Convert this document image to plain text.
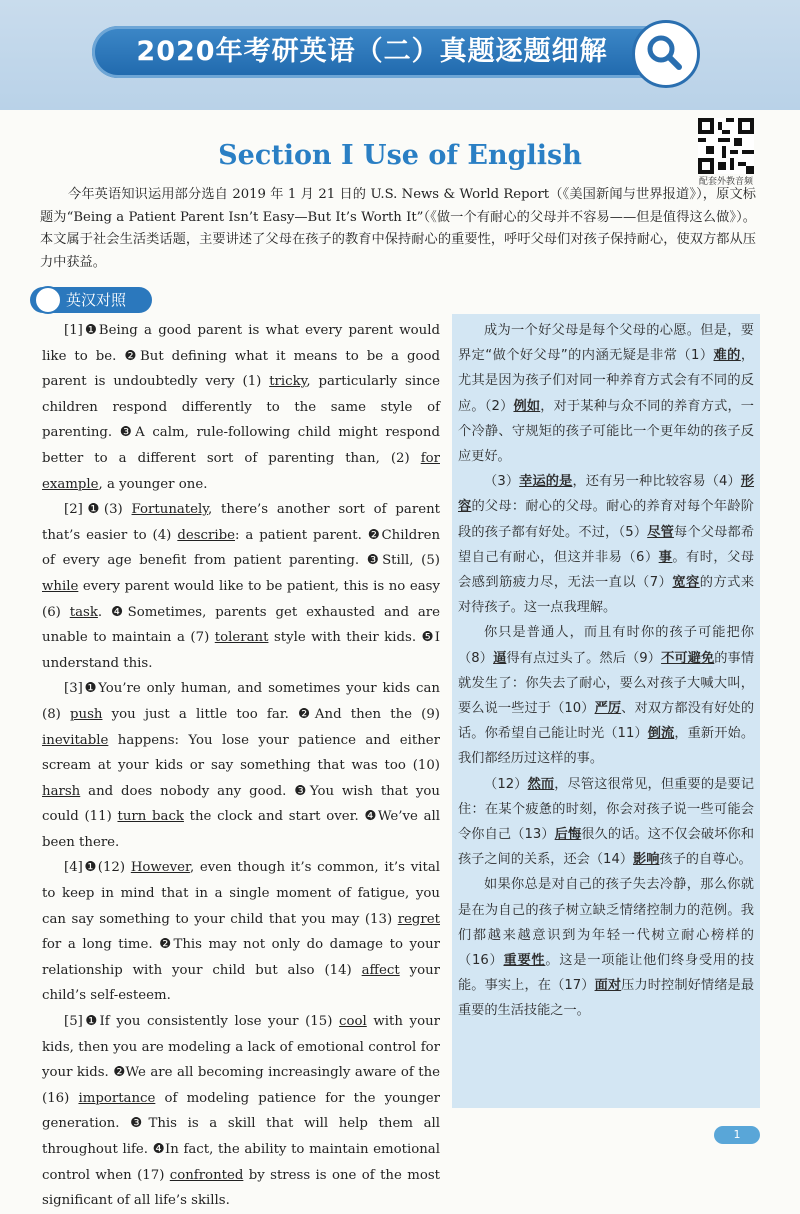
2020年考研英语（二）真题逐题细解
Section Ⅰ Use of English
配套外教音频
今年英语知识运用部分选自 2019 年 1 月 21 日的 U.S. News & World Report（《美国新闻与世界报道》），原文标题为“Being a Patient Parent Isn’t Easy—But It’s Worth It”（《做一个有耐心的父母并不容易——但是值得这么做》）。本文属于社会生活类话题，主要讲述了父母在孩子的教育中保持耐心的重要性，呼吁父母们对孩子保持耐心，使双方都从压力中获益。
英汉对照

[1]❶Being a good parent is what every parent would like to be. ❷But defining what it means to be a good parent is undoubtedly very (1) tricky, particularly since children respond differently to the same style of parenting. ❸A calm, rule-following child might respond better to a different sort of parenting than, (2) for example, a younger one.

[2]❶(3) Fortunately, there’s another sort of parent that’s easier to (4) describe: a patient parent. ❷Children of every age benefit from patient parenting. ❸Still, (5) while every parent would like to be patient, this is no easy (6) task. ❹Sometimes, parents get exhausted and are unable to maintain a (7) tolerant style with their kids. ❺I understand this.

[3]❶You’re only human, and sometimes your kids can (8) push you just a little too far. ❷And then the (9) inevitable happens: You lose your patience and either scream at your kids or say something that was too (10) harsh and does nobody any good. ❸You wish that you could (11) turn back the clock and start over. ❹We’ve all been there.

[4]❶(12) However, even though it’s common, it’s vital to keep in mind that in a single moment of fatigue, you can say something to your child that you may (13) regret for a long time. ❷This may not only do damage to your relationship with your child but also (14) affect your child’s self-esteem.

[5]❶If you consistently lose your (15) cool with your kids, then you are modeling a lack of emotional control for your kids. ❷We are all becoming increasingly aware of the (16) importance of modeling patience for the younger generation. ❸This is a skill that will help them all throughout life. ❹In fact, the ability to maintain emotional control when (17) confronted by stress is one of the most significant of all life’s skills.

成为一个好父母是每个父母的心愿。但是，要界定“做个好父母”的内涵无疑是非常（1）难的，尤其是因为孩子们对同一种养育方式会有不同的反应。（2）例如，对于某种与众不同的养育方式，一个冷静、守规矩的孩子可能比一个更年幼的孩子反应更好。

（3）幸运的是，还有另一种比较容易（4）形容的父母：耐心的父母。耐心的养育对每个年龄阶段的孩子都有好处。不过，（5）尽管每个父母都希望自己有耐心，但这并非易（6）事。有时，父母会感到筋疲力尽，无法一直以（7）宽容的方式来对待孩子。这一点我理解。

你只是普通人，而且有时你的孩子可能把你（8）逼得有点过头了。然后（9）不可避免的事情就发生了：你失去了耐心，要么对孩子大喊大叫，要么说一些过于（10）严厉、对双方都没有好处的话。你希望自己能让时光（11）倒流，重新开始。我们都经历过这样的事。

（12）然而，尽管这很常见，但重要的是要记住：在某个疲惫的时刻，你会对孩子说一些可能会令你自己（13）后悔很久的话。这不仅会破坏你和孩子之间的关系，还会（14）影响孩子的自尊心。

如果你总是对自己的孩子失去冷静，那么你就是在为自己的孩子树立缺乏情绪控制力的范例。我们都越来越意识到为年轻一代树立耐心榜样的（16）重要性。这是一项能让他们终身受用的技能。事实上，在（17）面对压力时控制好情绪是最重要的生活技能之一。

1
